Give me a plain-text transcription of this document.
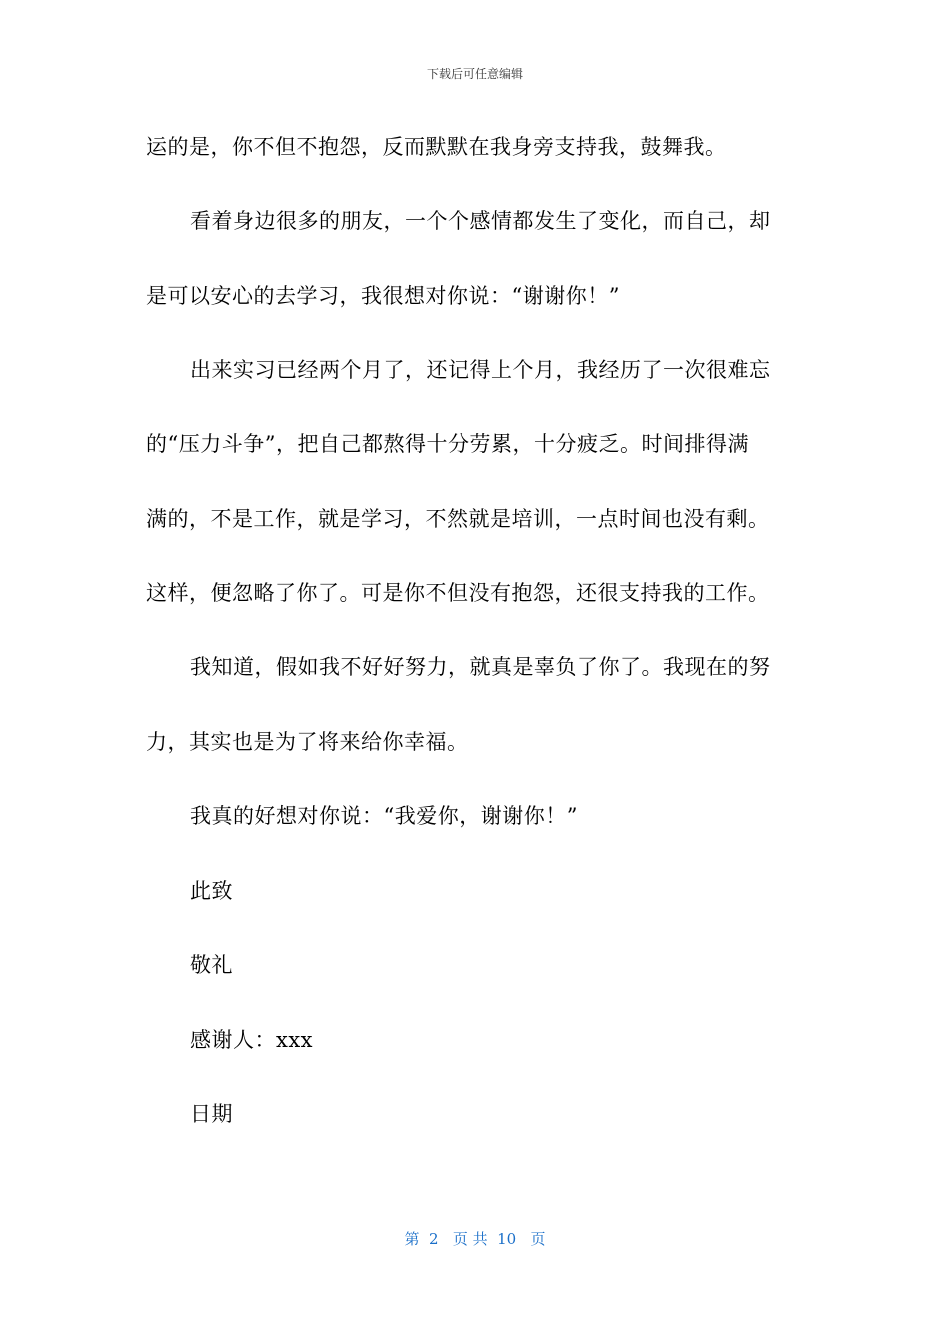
下载后可任意编辑
运的是，你不但不抱怨，反而默默在我身旁支持我，鼓舞我。
看着身边很多的朋友，一个个感情都发生了变化，而自己，却
是可以安心的去学习，我很想对你说：“谢谢你！”
出来实习已经两个月了，还记得上个月，我经历了一次很难忘
的“压力斗争”，把自己都熬得十分劳累，十分疲乏。时间排得满
满的，不是工作，就是学习，不然就是培训，一点时间也没有剩。
这样，便忽略了你了。可是你不但没有抱怨，还很支持我的工作。
我知道，假如我不好好努力，就真是辜负了你了。我现在的努
力，其实也是为了将来给你幸福。
我真的好想对你说：“我爱你，谢谢你！”
此致
敬礼
感谢人：xxx
日期
第  2   页 共  10   页
